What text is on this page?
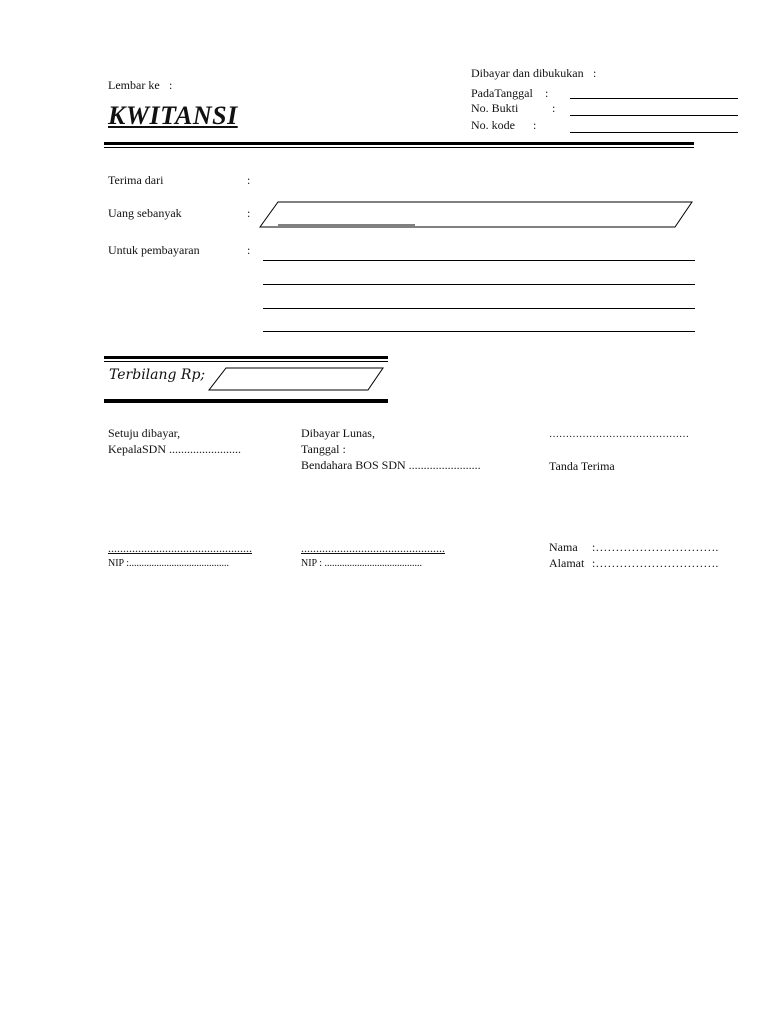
Lembar ke :
KWITANSI
Dibayar dan dibukukan :
PadaTanggal :
No. Bukti	:
No. kode :
Terima dari	:
Uang sebanyak	:
Untuk pembayaran	:
Terbilang Rp;
Setuju dibayar,
KepalaSDN ........................
................................................
NIP :........................................
Dibayar Lunas,
Tanggal :
Bendahara BOS SDN ........................
................................................
NIP : .......................................
……………………………………
Tanda Terima
Nama :………………………….
Alamat :………………………….
